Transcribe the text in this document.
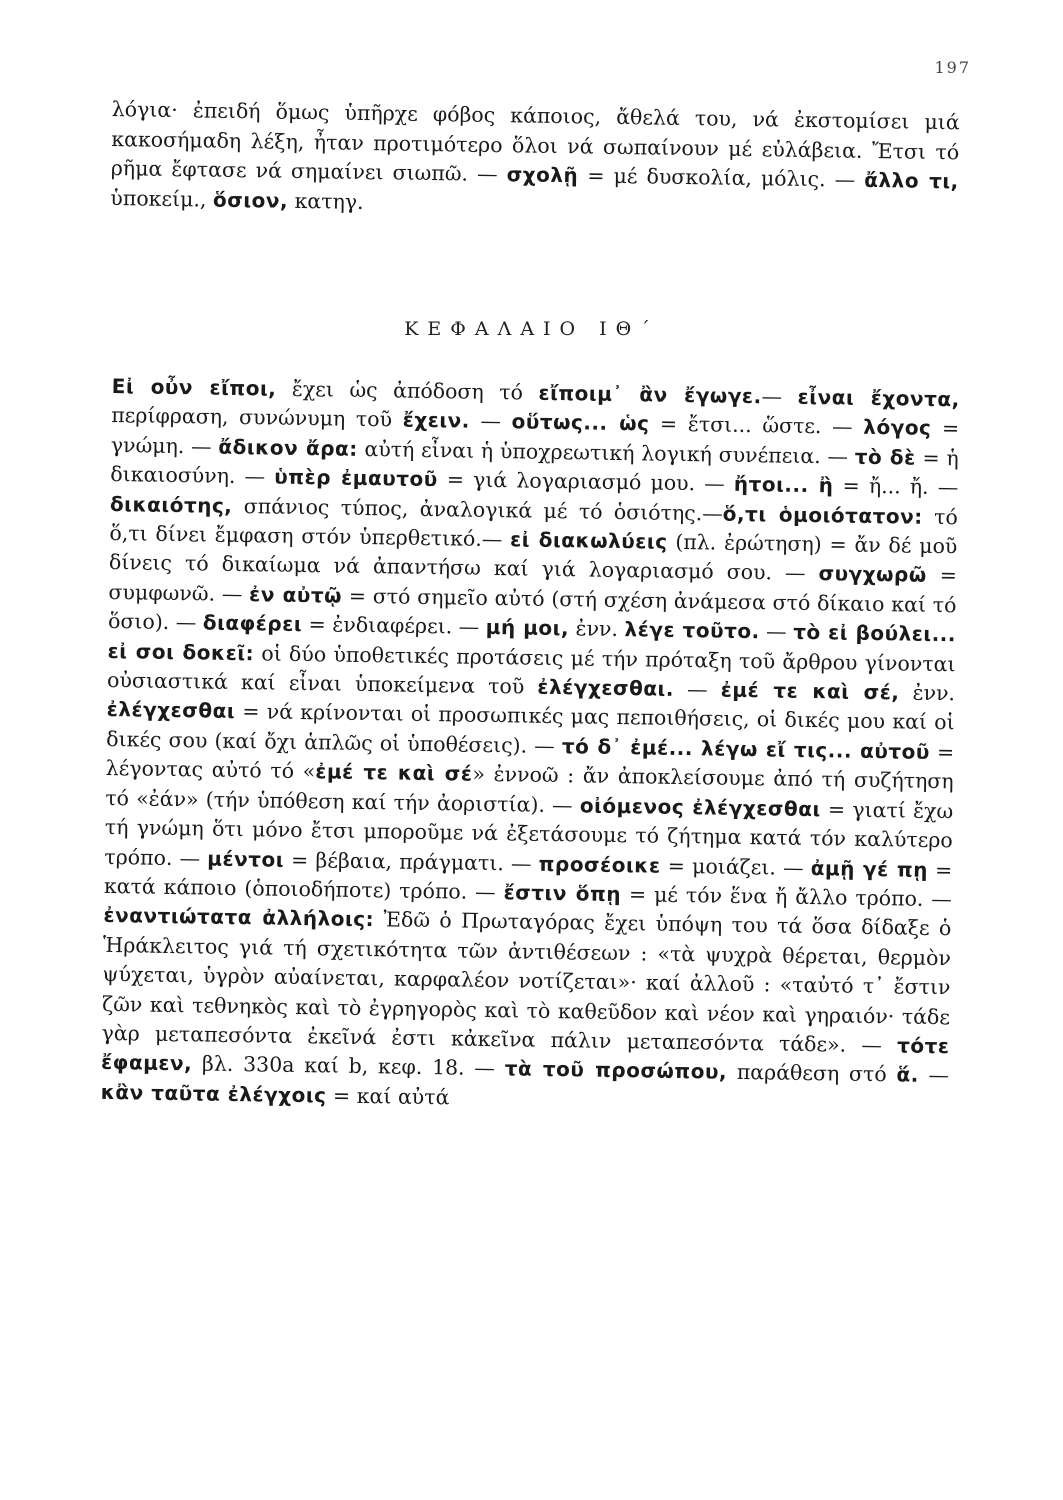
197

λόγια· ἐπειδή ὅμως ὑπῆρχε φόβος κάποιος, ἄθελά του, νά ἐκστομίσει μιά κακοσήμαδη λέξη, ἦταν προτιμότερο ὅλοι νά σωπαίνουν μέ εὐλάβεια. Ἔτσι τό ρῆμα ἔφτασε νά σημαίνει σιωπῶ. — σχολῇ = μέ δυσκολία, μόλις. — ἄλλο τι, ὑποκείμ., ὅσιον, κατηγ.

ΚΕΦΑΛΑΙΟ ΙΘ΄

Εἰ οὖν εἴποι, ἔχει ὡς ἀπόδοση τό εἴποιμ᾽ ἂν ἔγωγε.— εἶναι ἔχοντα, περίφραση, συνώνυμη τοῦ ἔχειν. — οὕτως... ὡς = ἔτσι... ὥστε. — λόγος = γνώμη. — ἄδικον ἄρα: αὐτή εἶναι ἡ ὑποχρεωτική λογική συνέπεια. — τὸ δὲ = ἡ δικαιοσύνη. — ὑπὲρ ἐμαυτοῦ = γιά λογαριασμό μου. — ἤτοι... ἢ = ἤ... ἤ. — δικαιότης, σπάνιος τύπος, ἀναλογικά μέ τό ὁσιότης.—ὅ,τι ὁμοιότατον: τό ὅ,τι δίνει ἔμφαση στόν ὑπερθετικό.— εἰ διακωλύεις (πλ. ἐρώτηση) = ἄν δέ μοῦ δίνεις τό δικαίωμα νά ἀπαντήσω καί γιά λογαριασμό σου. — συγχωρῶ = συμφωνῶ. — ἐν αὐτῷ = στό σημεῖο αὐτό (στή σχέση ἀνάμεσα στό δίκαιο καί τό ὅσιο). — διαφέρει = ἐνδιαφέρει. — μή μοι, ἐνν. λέγε τοῦτο. — τὸ εἰ βούλει... εἰ σοι δοκεῖ: οἱ δύο ὑποθετικές προτάσεις μέ τήν πρόταξη τοῦ ἄρθρου γίνονται οὐσιαστικά καί εἶναι ὑποκείμενα τοῦ ἐλέγχεσθαι. — ἐμέ τε καὶ σέ, ἐνν. ἐλέγχεσθαι = νά κρίνονται οἱ προσωπικές μας πεποιθήσεις, οἱ δικές μου καί οἱ δικές σου (καί ὄχι ἁπλῶς οἱ ὑποθέσεις). — τό δ᾽ ἐμέ... λέγω εἴ τις... αὐτοῦ = λέγοντας αὐτό τό «ἐμέ τε καὶ σέ» ἐννοῶ : ἄν ἀποκλείσουμε ἀπό τή συζήτηση τό «ἐάν» (τήν ὑπόθεση καί τήν ἀοριστία). — οἰόμενος ἐλέγχεσθαι = γιατί ἔχω τή γνώμη ὅτι μόνο ἔτσι μποροῦμε νά ἐξετάσουμε τό ζήτημα κατά τόν καλύτερο τρόπο. — μέντοι = βέβαια, πράγματι. — προσέοικε = μοιάζει. — ἀμῇ γέ πῃ = κατά κάποιο (ὁποιοδήποτε) τρόπο. — ἔστιν ὅπῃ = μέ τόν ἕνα ἤ ἄλλο τρόπο. — ἐναντιώτατα ἀλλήλοις: Ἐδῶ ὁ Πρωταγόρας ἔχει ὑπόψη του τά ὅσα δίδαξε ὁ Ἡράκλειτος γιά τή σχετικότητα τῶν ἀντιθέσεων : «τὰ ψυχρὰ θέρεται, θερμὸν ψύχεται, ὑγρὸν αὐαίνεται, καρφαλέον νοτίζεται»· καί ἀλλοῦ : «ταὐτό τ᾽ ἔστιν ζῶν καὶ τεθνηκὸς καὶ τὸ ἐγρηγορὸς καὶ τὸ καθεῦδον καὶ νέον καὶ γηραιόν· τάδε γὰρ μεταπεσόντα ἐκεῖνά ἐστι κἀκεῖνα πάλιν μεταπεσόντα τάδε». — τότε ἔφαμεν, βλ. 330a καί b, κεφ. 18. — τὰ τοῦ προσώπου, παράθεση στό ἅ. — κἂν ταῦτα ἐλέγχοις = καί αὐτά
